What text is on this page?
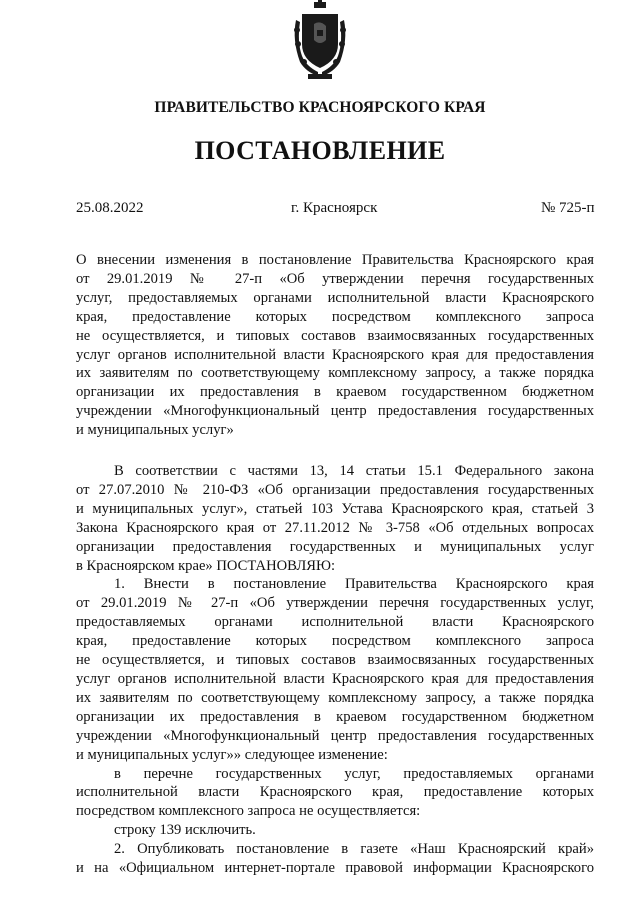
ПРАВИТЕЛЬСТВО КРАСНОЯРСКОГО КРАЯ
ПОСТАНОВЛЕНИЕ
25.08.2022	г. Красноярск	№ 725-п

О внесении изменения в постановление Правительства Красноярского края

от 29.01.2019 № 27-п «Об утверждении перечня государственных

услуг, предоставляемых органами исполнительной власти Красноярского

края, предоставление которых посредством комплексного запроса

не осуществляется, и типовых составов взаимосвязанных государственных

услуг органов исполнительной власти Красноярского края для предоставления

их заявителям по соответствующему комплексному запросу, а также порядка

организации их предоставления в краевом государственном бюджетном

учреждении «Многофункциональный центр предоставления государственных

и муниципальных услуг»

В соответствии с частями 13, 14 статьи 15.1 Федерального закона

от 27.07.2010 № 210-ФЗ «Об организации предоставления государственных

и муниципальных услуг», статьей 103 Устава Красноярского края, статьей 3

Закона Красноярского края от 27.11.2012 № 3-758 «Об отдельных вопросах

организации предоставления государственных и муниципальных услуг

в Красноярском крае» ПОСТАНОВЛЯЮ:

1. Внести в постановление Правительства Красноярского края

от 29.01.2019 № 27-п «Об утверждении перечня государственных услуг,

предоставляемых органами исполнительной власти Красноярского

края, предоставление которых посредством комплексного запроса

не осуществляется, и типовых составов взаимосвязанных государственных

услуг органов исполнительной власти Красноярского края для предоставления

их заявителям по соответствующему комплексному запросу, а также порядка

организации их предоставления в краевом государственном бюджетном

учреждении «Многофункциональный центр предоставления государственных

и муниципальных услуг»» следующее изменение:

в перечне государственных услуг, предоставляемых органами

исполнительной власти Красноярского края, предоставление которых

посредством комплексного запроса не осуществляется:

строку 139 исключить.

2. Опубликовать постановление в газете «Наш Красноярский край»

и на «Официальном интернет-портале правовой информации Красноярского
